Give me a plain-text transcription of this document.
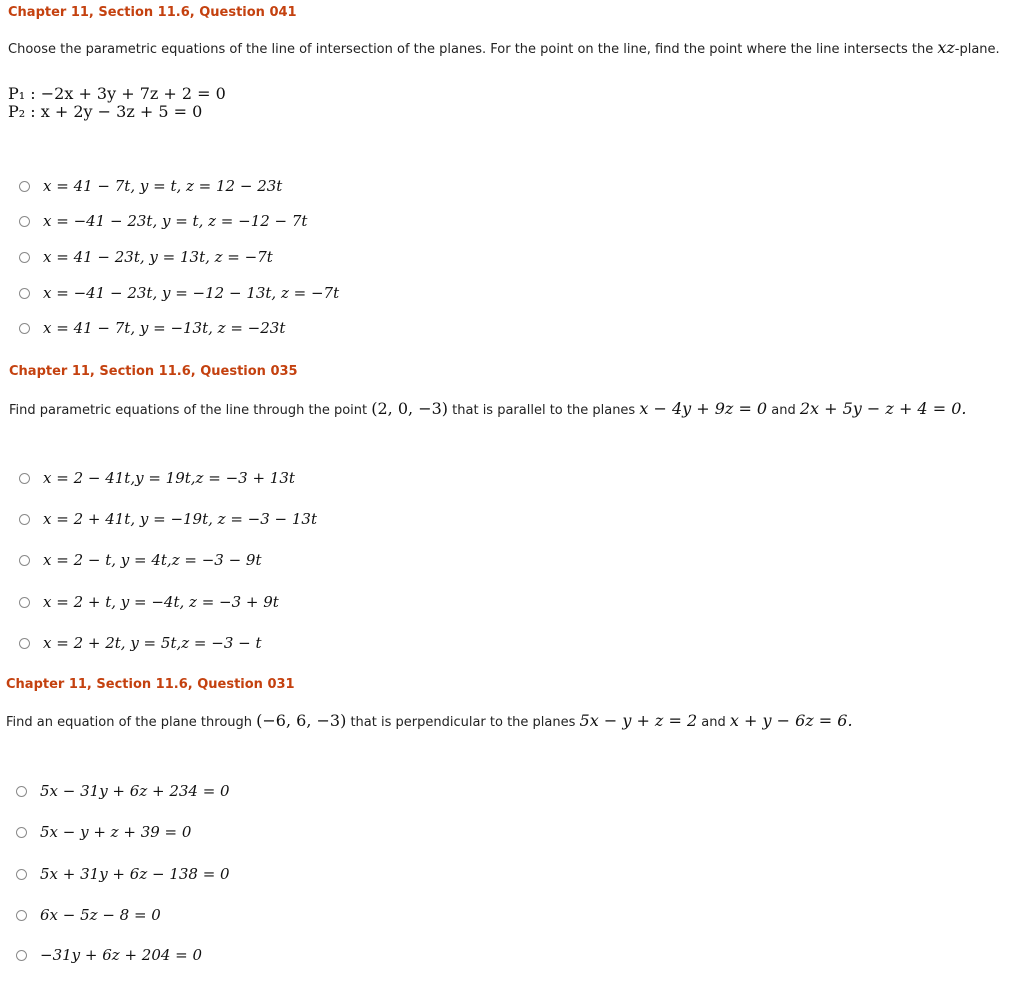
Chapter 11, Section 11.6, Question 041
Choose the parametric equations of the line of intersection of the planes. For the point on the line, find the point where the line intersects the xz-plane.
P₁ : −2x + 3y + 7z + 2 = 0
P₂ : x + 2y − 3z + 5 = 0
x = 41 − 7t, y = t, z = 12 − 23t
x = −41 − 23t, y = t, z = −12 − 7t
x = 41 − 23t, y = 13t, z = −7t
x = −41 − 23t, y = −12 − 13t, z = −7t
x = 41 − 7t, y = −13t, z = −23t
Chapter 11, Section 11.6, Question 035
Find parametric equations of the line through the point (2, 0, −3) that is parallel to the planes x − 4y + 9z = 0 and 2x + 5y − z + 4 = 0.
x = 2 − 41t,y = 19t,z = −3 + 13t
x = 2 + 41t, y = −19t, z = −3 − 13t
x = 2 − t, y = 4t,z = −3 − 9t
x = 2 + t, y = −4t, z = −3 + 9t
x = 2 + 2t, y = 5t,z = −3 − t
Chapter 11, Section 11.6, Question 031
Find an equation of the plane through (−6, 6, −3) that is perpendicular to the planes 5x − y + z = 2 and x + y − 6z = 6.
5x − 31y + 6z + 234 = 0
5x − y + z + 39 = 0
5x + 31y + 6z − 138 = 0
6x − 5z − 8 = 0
−31y + 6z + 204 = 0
